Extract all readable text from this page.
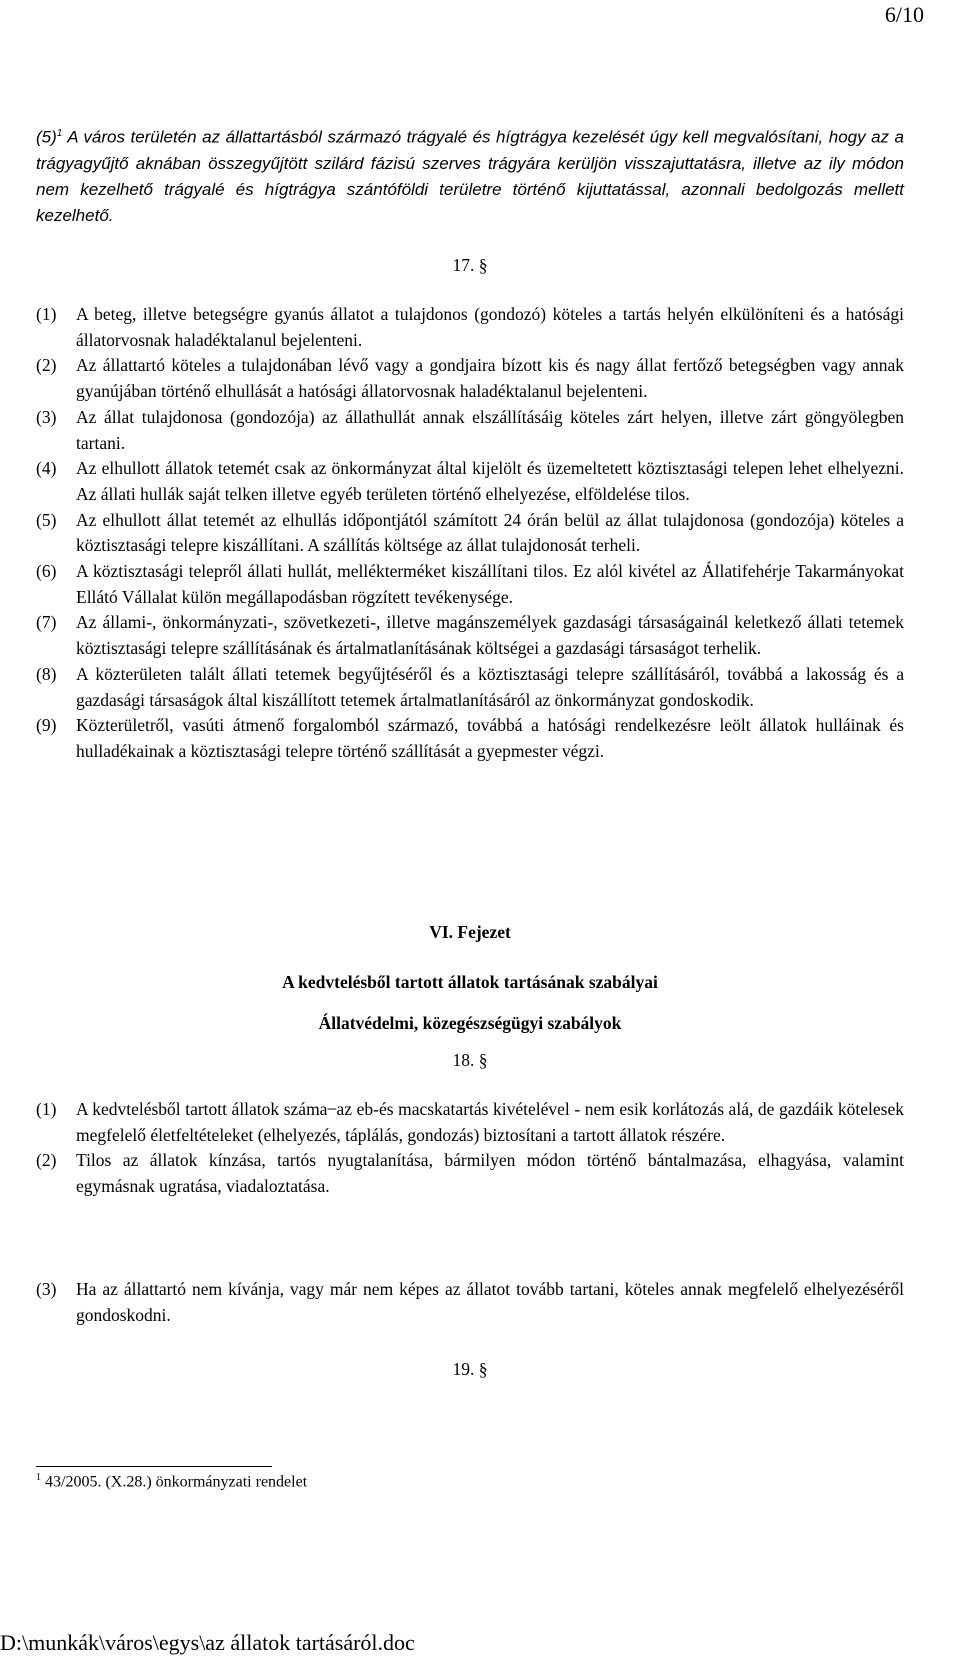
6/10
$(5)^1$ A város területén az állattartásból származó trágyalé és hígtrágya kezelését úgy kell megvalósítani, hogy az a trágyagyűjtő aknában összegyűjtött szilárd fázisú szerves trágyára kerüljön visszajuttatásra, illetve az ily módon nem kezelhető trágyalé és hígtrágya szántóföldi területre történő kijuttatással, azonnali bedolgozás mellett kezelhető.
17. §
(1)	A beteg, illetve betegségre gyanús állatot a tulajdonos (gondozó) köteles a tartás helyén elkülöníteni és a hatósági állatorvosnak haladéktalanul bejelenteni.
(2)	Az állattartó köteles a tulajdonában lévő vagy a gondjaira bízott kis és nagy állat fertőző betegségben vagy annak gyanújában történő elhullását a hatósági állatorvosnak haladéktalanul bejelenteni.
(3)	Az állat tulajdonosa (gondozója) az állathullát annak elszállításáig köteles zárt helyen, illetve zárt göngyölegben tartani.
(4)	Az elhullott állatok tetemét csak az önkormányzat által kijelölt és üzemeltetett köztisztasági telepen lehet elhelyezni. Az állati hullák saját telken illetve egyéb területen történő elhelyezése, elföldelése tilos.
(5)	Az elhullott állat tetemét az elhullás időpontjától számított 24 órán belül az állat tulajdonosa (gondozója) köteles a köztisztasági telepre kiszállítani. A szállítás költsége az állat tulajdonosát terheli.
(6)	A köztisztasági telepről állati hullát, mellékterméket kiszállítani tilos. Ez alól kivétel az Állatifehérje Takarmányokat Ellátó Vállalat külön megállapodásban rögzített tevékenysége.
(7)	Az állami-, önkormányzati-, szövetkezeti-, illetve magánszemélyek gazdasági társaságainál keletkező állati tetemek köztisztasági telepre szállításának és ártalmatlanításának költségei a gazdasági társaságot terhelik.
(8)	A közterületen talált állati tetemek begyűjtéséről és a köztisztasági telepre szállításáról, továbbá a lakosság és a gazdasági társaságok által kiszállított tetemek ártalmatlanításáról az önkormányzat gondoskodik.
(9)	Közterületről, vasúti átmenő forgalomból származó, továbbá a hatósági rendelkezésre leölt állatok hulláinak és hulladékainak a köztisztasági telepre történő szállítását a gyepmester végzi.
VI. Fejezet
A kedvtelésből tartott állatok tartásának szabályai
Állatvédelmi, közegészségügyi szabályok
18. §
(1)	A kedvtelésből tartott állatok száma ̶ az eb-és macskatartás kivételével - nem esik korlátozás alá, de gazdáik kötelesek megfelelő életfeltételeket (elhelyezés, táplálás, gondozás) biztosítani a tartott állatok részére.
(2)	Tilos az állatok kínzása, tartós nyugtalanítása, bármilyen módon történő bántalmazása, elhagyása, valamint egymásnak ugratása, viadaloztatása.
(3)	Ha az állattartó nem kívánja, vagy már nem képes az állatot tovább tartani, köteles annak megfelelő elhelyezéséről gondoskodni.
19. §
$^1$ 43/2005. (X.28.) önkormányzati rendelet
D:\munkák\város\egys\az állatok tartásáról.doc
